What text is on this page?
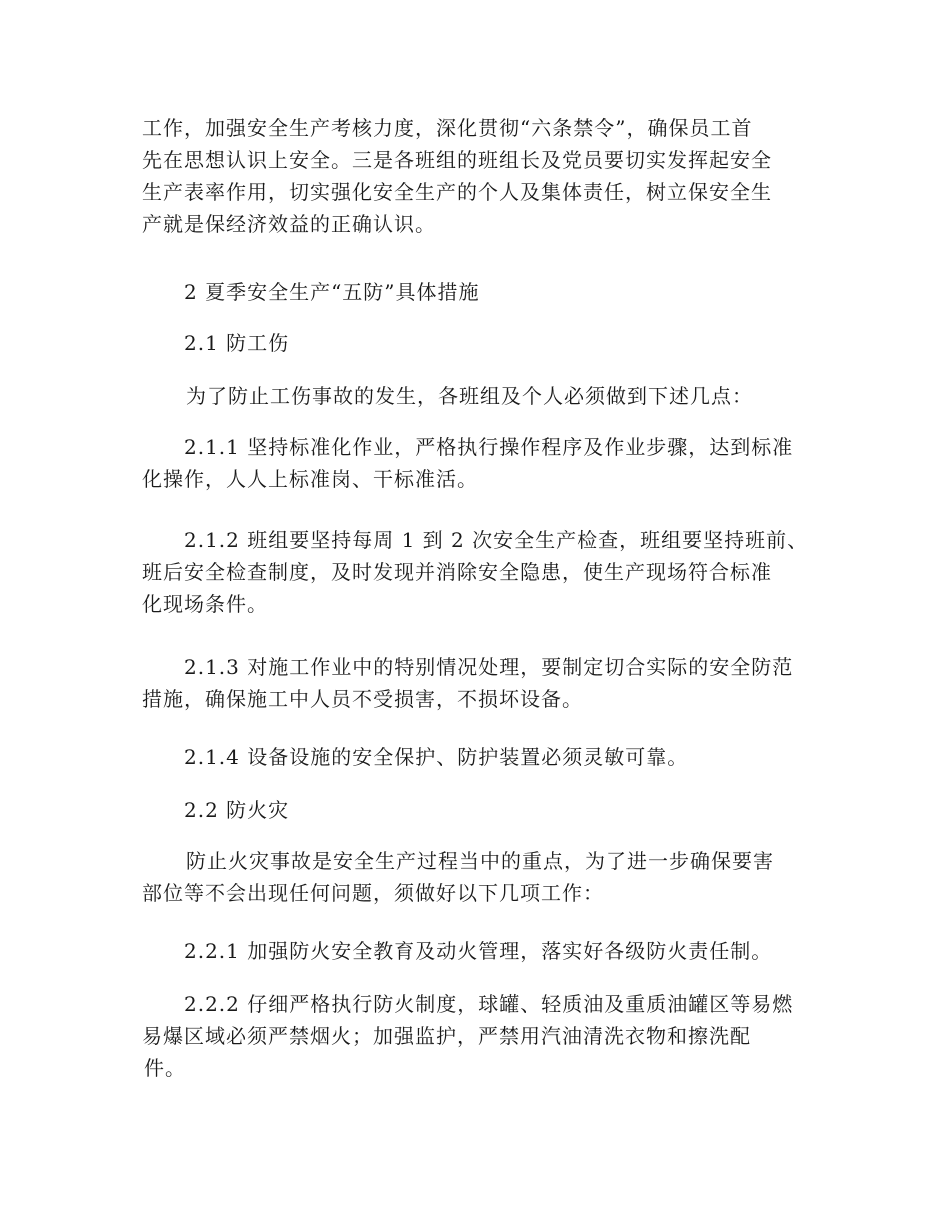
工作，加强安全生产考核力度，深化贯彻“六条禁令”，确保员工首
先在思想认识上安全。三是各班组的班组长及党员要切实发挥起安全
生产表率作用，切实强化安全生产的个人及集体责任，树立保安全生
产就是保经济效益的正确认识。
2 夏季安全生产“五防”具体措施
2.1 防工伤
为了防止工伤事故的发生，各班组及个人必须做到下述几点：
2.1.1 坚持标准化作业，严格执行操作程序及作业步骤，达到标准
化操作，人人上标准岗、干标准活。
2.1.2 班组要坚持每周 1 到 2 次安全生产检查，班组要坚持班前、
班后安全检查制度，及时发现并消除安全隐患，使生产现场符合标准
化现场条件。
2.1.3 对施工作业中的特别情况处理，要制定切合实际的安全防范
措施，确保施工中人员不受损害，不损坏设备。
2.1.4 设备设施的安全保护、防护装置必须灵敏可靠。
2.2 防火灾
防止火灾事故是安全生产过程当中的重点，为了进一步确保要害
部位等不会出现任何问题，须做好以下几项工作：
2.2.1 加强防火安全教育及动火管理，落实好各级防火责任制。
2.2.2 仔细严格执行防火制度，球罐、轻质油及重质油罐区等易燃
易爆区域必须严禁烟火；加强监护，严禁用汽油清洗衣物和擦洗配
件。
